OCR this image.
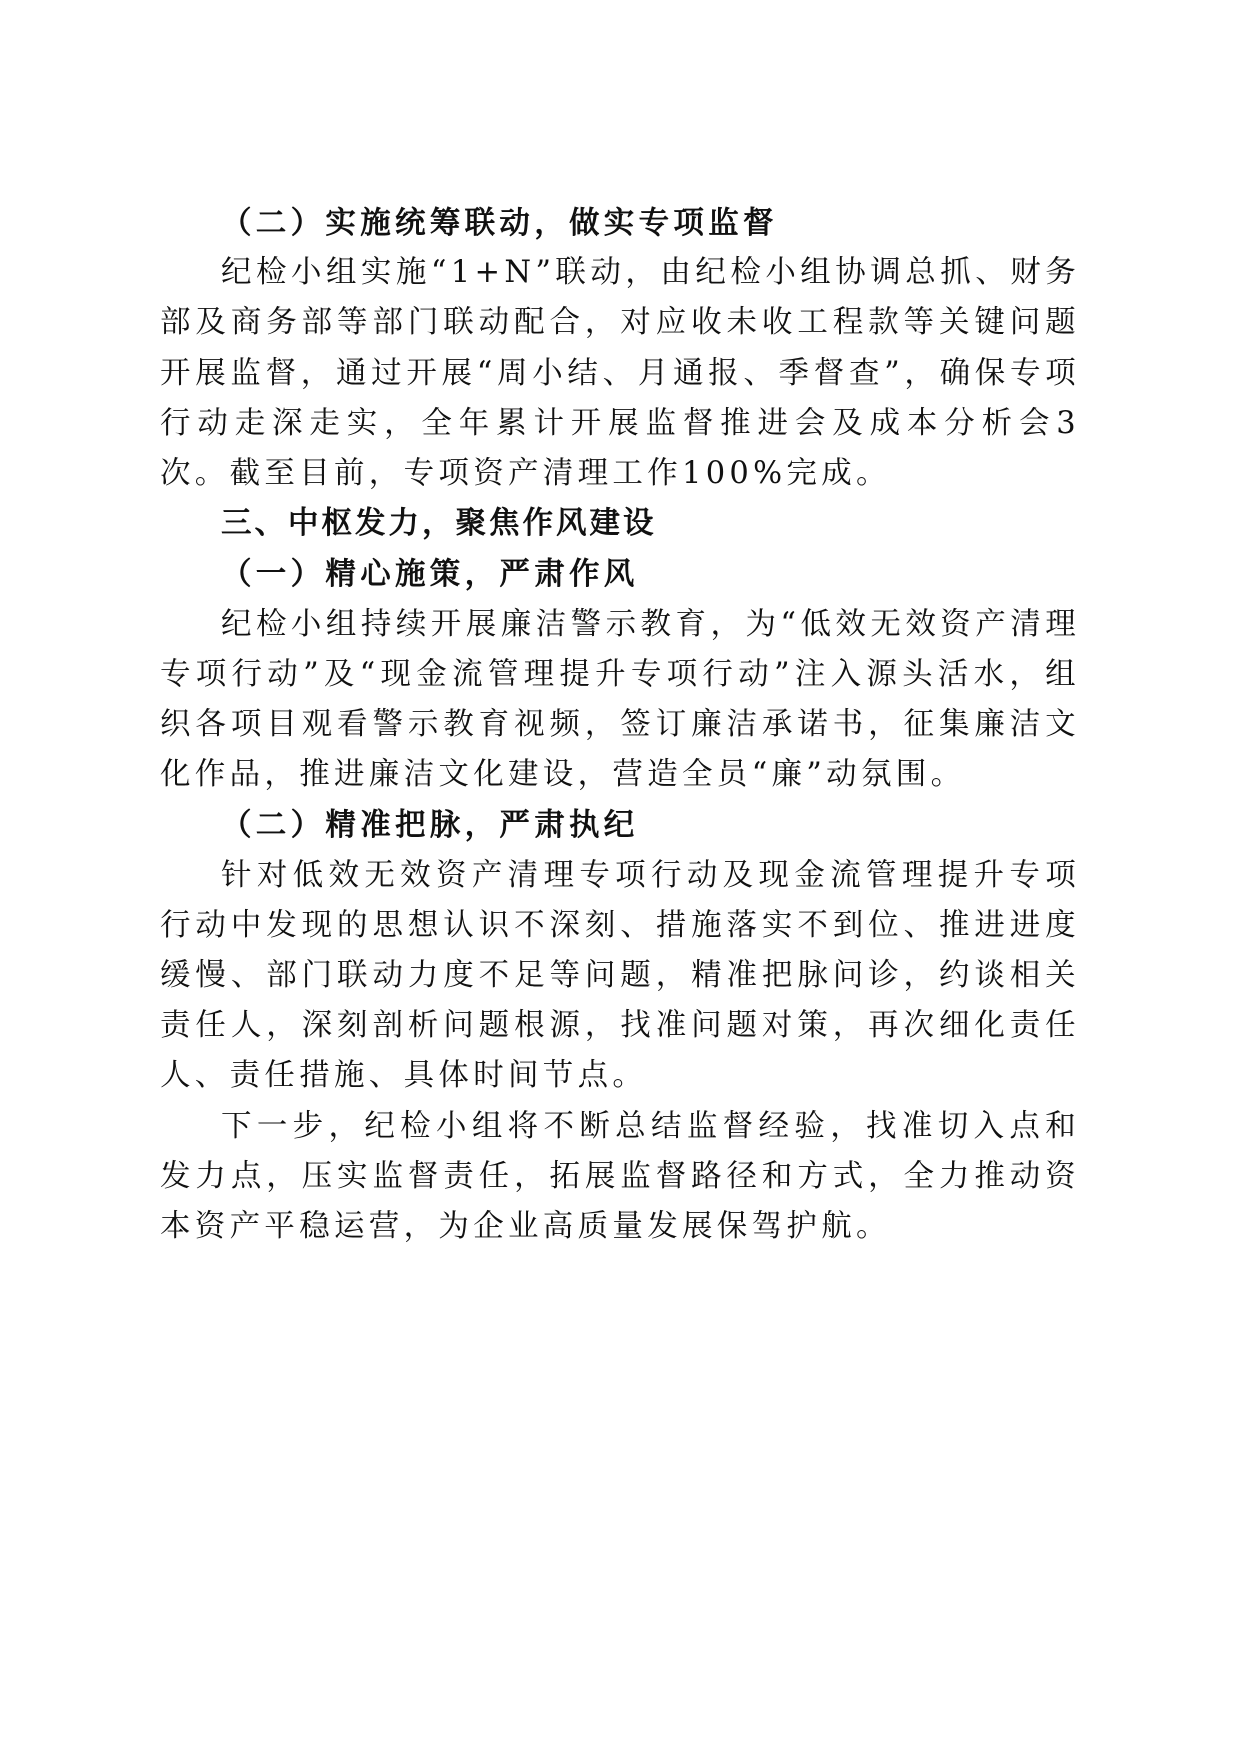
（二）实施统筹联动，做实专项监督

纪检小组实施“1+N”联动，由纪检小组协调总抓、财务部及商务部等部门联动配合，对应收未收工程款等关键问题开展监督，通过开展“周小结、月通报、季督查”，确保专项行动走深走实，全年累计开展监督推进会及成本分析会3次。截至目前，专项资产清理工作100%完成。

三、中枢发力，聚焦作风建设

（一）精心施策，严肃作风

纪检小组持续开展廉洁警示教育，为“低效无效资产清理专项行动”及“现金流管理提升专项行动”注入源头活水，组织各项目观看警示教育视频，签订廉洁承诺书，征集廉洁文化作品，推进廉洁文化建设，营造全员“廉”动氛围。

（二）精准把脉，严肃执纪

针对低效无效资产清理专项行动及现金流管理提升专项行动中发现的思想认识不深刻、措施落实不到位、推进进度缓慢、部门联动力度不足等问题，精准把脉问诊，约谈相关责任人，深刻剖析问题根源，找准问题对策，再次细化责任人、责任措施、具体时间节点。

下一步，纪检小组将不断总结监督经验，找准切入点和发力点，压实监督责任，拓展监督路径和方式，全力推动资本资产平稳运营，为企业高质量发展保驾护航。
